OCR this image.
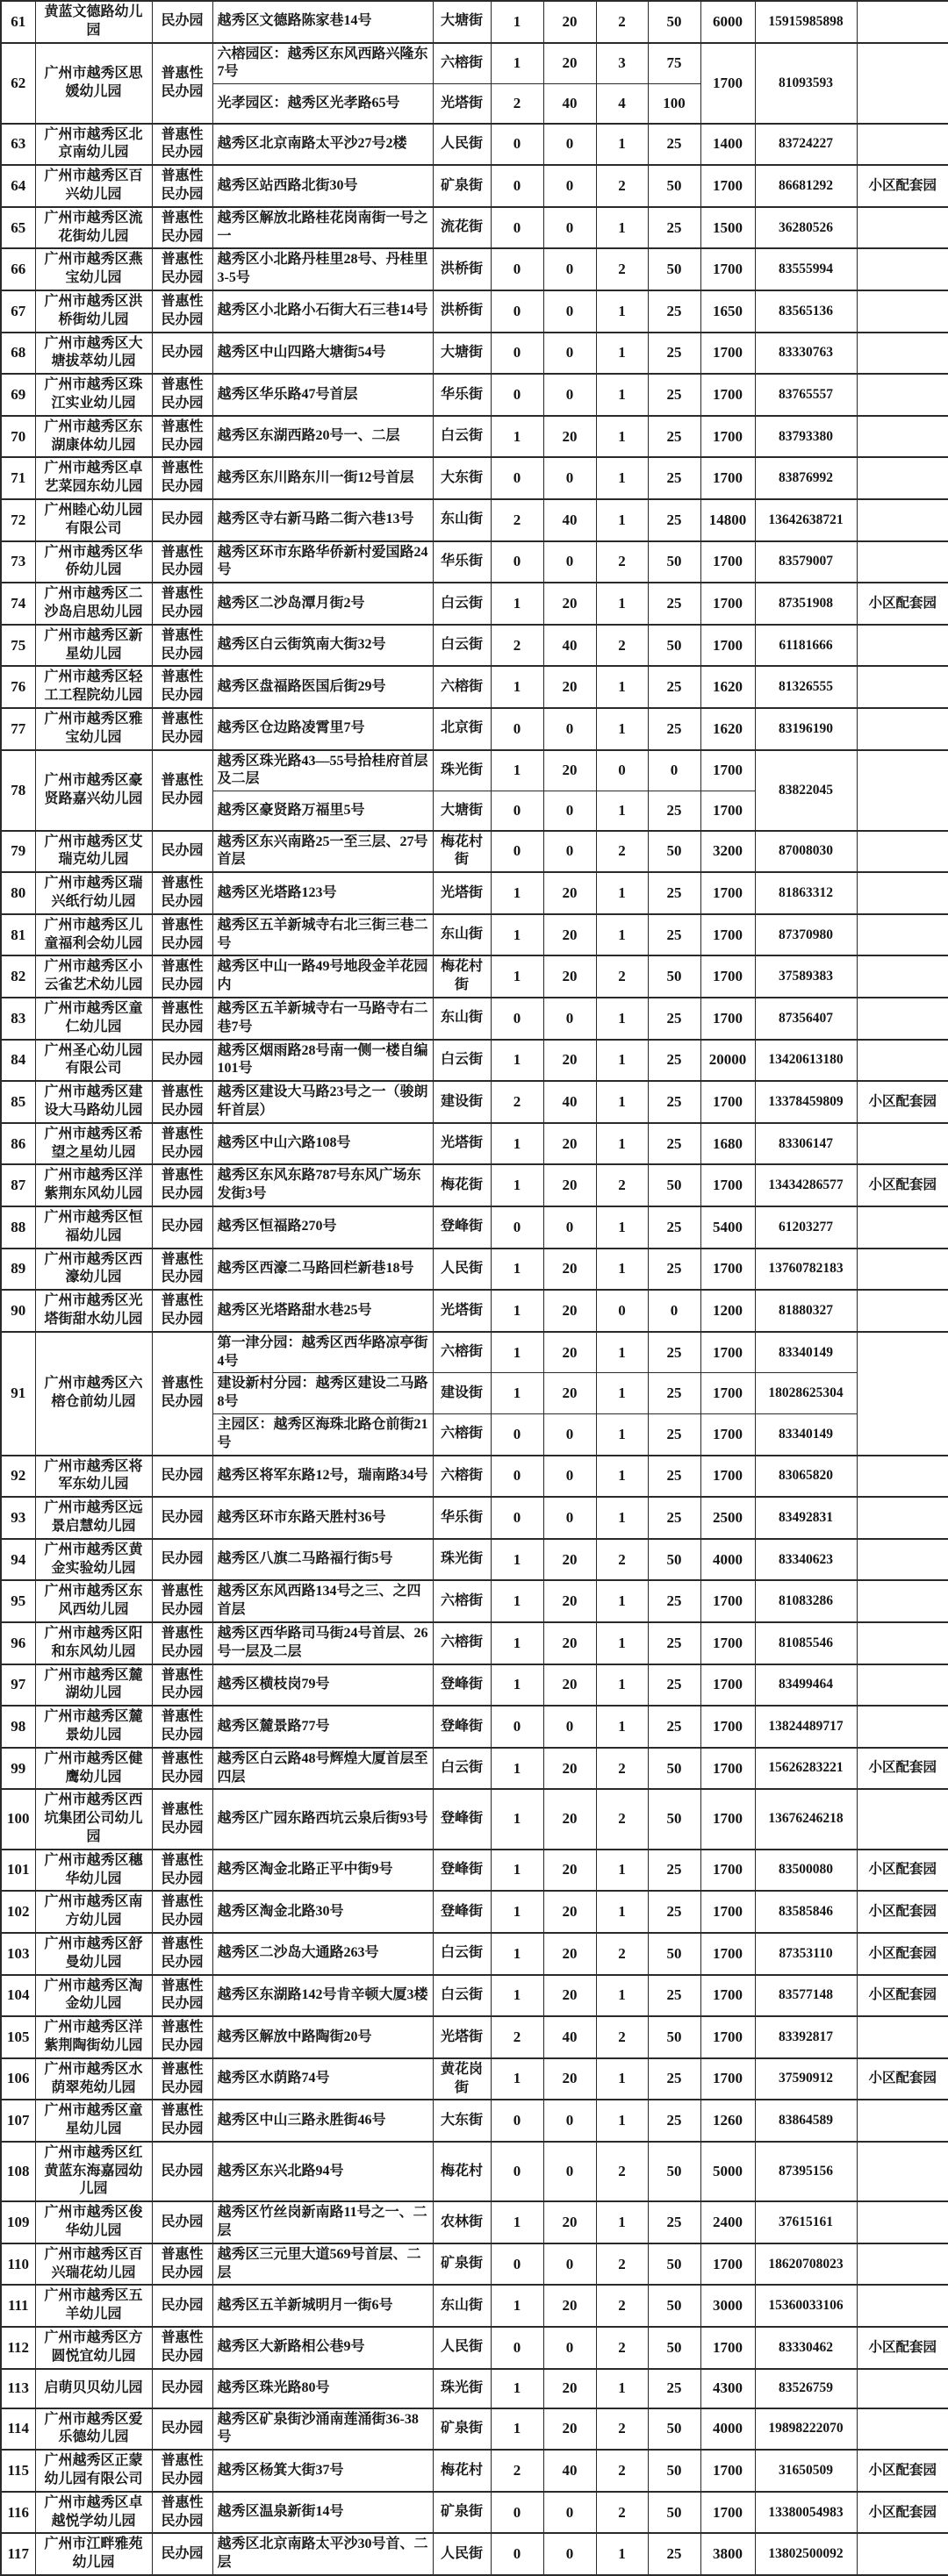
61	黄蓝文德路幼儿园	民办园	越秀区文德路陈家巷14号	大塘街	1	20	2	50	6000	15915985898	
62	广州市越秀区思媛幼儿园	普惠性民办园	六榕园区：越秀区东风西路兴隆东7号	六榕街	1	20	3	75	1700	81093593	
			光孝园区：越秀区光孝路65号	光塔街	2	40	4	100			
63	广州市越秀区北京南幼儿园	普惠性民办园	越秀区北京南路太平沙27号2楼	人民街	0	0	1	25	1400	83724227	
64	广州市越秀区百兴幼儿园	普惠性民办园	越秀区站西路北街30号	矿泉街	0	0	2	50	1700	86681292	小区配套园
65	广州市越秀区流花街幼儿园	普惠性民办园	越秀区解放北路桂花岗南街一号之一	流花街	0	0	1	25	1500	36280526	
66	广州市越秀区燕宝幼儿园	普惠性民办园	越秀区小北路丹桂里28号、丹桂里3-5号	洪桥街	0	0	2	50	1700	83555994	
67	广州市越秀区洪桥街幼儿园	普惠性民办园	越秀区小北路小石街大石三巷14号	洪桥街	0	0	1	25	1650	83565136	
68	广州市越秀区大塘拔萃幼儿园	民办园	越秀区中山四路大塘街54号	大塘街	0	0	1	25	1700	83330763	
69	广州市越秀区珠江实业幼儿园	普惠性民办园	越秀区华乐路47号首层	华乐街	0	0	1	25	1700	83765557	
70	广州市越秀区东湖康体幼儿园	普惠性民办园	越秀区东湖西路20号一、二层	白云街	1	20	1	25	1700	83793380	
71	广州市越秀区卓艺菜园东幼儿园	普惠性民办园	越秀区东川路东川一街12号首层	大东街	0	0	1	25	1700	83876992	
72	广州睦心幼儿园有限公司	民办园	越秀区寺右新马路二街六巷13号	东山街	2	40	1	25	14800	13642638721	
73	广州市越秀区华侨幼儿园	普惠性民办园	越秀区环市东路华侨新村爱国路24号	华乐街	0	0	2	50	1700	83579007	
74	广州市越秀区二沙岛启思幼儿园	普惠性民办园	越秀区二沙岛潭月街2号	白云街	1	20	1	25	1700	87351908	小区配套园
75	广州市越秀区新星幼儿园	普惠性民办园	越秀区白云街筑南大街32号	白云街	2	40	2	50	1700	61181666	
76	广州市越秀区轻工工程院幼儿园	普惠性民办园	越秀区盘福路医国后街29号	六榕街	1	20	1	25	1620	81326555	
77	广州市越秀区雅宝幼儿园	普惠性民办园	越秀区仓边路凌霄里7号	北京街	0	0	1	25	1620	83196190	
78	广州市越秀区豪贤路嘉兴幼儿园	普惠性民办园	越秀区珠光路43—55号拾桂府首层及二层	珠光街	1	20	0	0	1700	83822045	
			越秀区豪贤路万福里5号	大塘街	0	0	1	25	1700		
79	广州市越秀区艾瑞克幼儿园	民办园	越秀区东兴南路25一至三层、27号首层	梅花村街	0	0	2	50	3200	87008030	
80	广州市越秀区瑞兴纸行幼儿园	普惠性民办园	越秀区光塔路123号	光塔街	1	20	1	25	1700	81863312	
81	广州市越秀区儿童福利会幼儿园	普惠性民办园	越秀区五羊新城寺右北三街三巷二号	东山街	1	20	1	25	1700	87370980	
82	广州市越秀区小云雀艺术幼儿园	普惠性民办园	越秀区中山一路49号地段金羊花园内	梅花村街	1	20	2	50	1700	37589383	
83	广州市越秀区童仁幼儿园	普惠性民办园	越秀区五羊新城寺右一马路寺右二巷7号	东山街	0	0	1	25	1700	87356407	
84	广州圣心幼儿园有限公司	民办园	越秀区烟雨路28号南一侧一楼自编101号	白云街	1	20	1	25	20000	13420613180	
85	广州市越秀区建设大马路幼儿园	普惠性民办园	越秀区建设大马路23号之一（骏朗轩首层）	建设街	2	40	1	25	1700	13378459809	小区配套园
86	广州市越秀区希望之星幼儿园	普惠性民办园	越秀区中山六路108号	光塔街	1	20	1	25	1680	83306147	
87	广州市越秀区洋紫荆东风幼儿园	普惠性民办园	越秀区东风东路787号东风广场东发街3号	梅花街	1	20	2	50	1700	13434286577	小区配套园
88	广州市越秀区恒福幼儿园	民办园	越秀区恒福路270号	登峰街	0	0	1	25	5400	61203277	
89	广州市越秀区西濠幼儿园	普惠性民办园	越秀区西濠二马路回栏新巷18号	人民街	1	20	1	25	1700	13760782183	
90	广州市越秀区光塔街甜水幼儿园	普惠性民办园	越秀区光塔路甜水巷25号	光塔街	1	20	0	0	1200	81880327	
91	广州市越秀区六榕仓前幼儿园	普惠性民办园	第一津分园：越秀区西华路凉亭街4号	六榕街	1	20	1	25	1700	83340149	
			建设新村分园：越秀区建设二马路8号	建设街	1	20	1	25	1700	18028625304	
			主园区：越秀区海珠北路仓前街21号	六榕街	0	0	1	25	1700	83340149	
92	广州市越秀区将军东幼儿园	民办园	越秀区将军东路12号，瑞南路34号	六榕街	0	0	1	25	1700	83065820	
93	广州市越秀区远景启慧幼儿园	民办园	越秀区环市东路天胜村36号	华乐街	0	0	1	25	2500	83492831	
94	广州市越秀区黄金实验幼儿园	民办园	越秀区八旗二马路福行街5号	珠光街	1	20	2	50	4000	83340623	
95	广州市越秀区东风西幼儿园	普惠性民办园	越秀区东风西路134号之三、之四首层	六榕街	1	20	1	25	1700	81083286	
96	广州市越秀区阳和东风幼儿园	普惠性民办园	越秀区西华路司马街24号首层、26号一层及二层	六榕街	1	20	1	25	1700	81085546	
97	广州市越秀区麓湖幼儿园	普惠性民办园	越秀区横枝岗79号	登峰街	1	20	1	25	1700	83499464	
98	广州市越秀区麓景幼儿园	普惠性民办园	越秀区麓景路77号	登峰街	0	0	1	25	1700	13824489717	
99	广州市越秀区健鹰幼儿园	普惠性民办园	越秀区白云路48号辉煌大厦首层至四层	白云街	1	20	2	50	1700	15626283221	小区配套园
100	广州市越秀区西坑集团公司幼儿园	普惠性民办园	越秀区广园东路西坑云泉后街93号	登峰街	1	20	2	50	1700	13676246218	
101	广州市越秀区穗华幼儿园	普惠性民办园	越秀区淘金北路正平中街9号	登峰街	1	20	1	25	1700	83500080	小区配套园
102	广州市越秀区南方幼儿园	普惠性民办园	越秀区淘金北路30号	登峰街	1	20	1	25	1700	83585846	小区配套园
103	广州市越秀区舒曼幼儿园	普惠性民办园	越秀区二沙岛大通路263号	白云街	1	20	2	50	1700	87353110	小区配套园
104	广州市越秀区淘金幼儿园	普惠性民办园	越秀区东湖路142号肯辛顿大厦3楼	白云街	1	20	1	25	1700	83577148	小区配套园
105	广州市越秀区洋紫荆陶街幼儿园	普惠性民办园	越秀区解放中路陶街20号	光塔街	2	40	2	50	1700	83392817	
106	广州市越秀区水荫翠苑幼儿园	普惠性民办园	越秀区水荫路74号	黄花岗街	1	20	1	25	1700	37590912	小区配套园
107	广州市越秀区童星幼儿园	普惠性民办园	越秀区中山三路永胜街46号	大东街	0	0	1	25	1260	83864589	
108	广州市越秀区红黄蓝东海嘉园幼儿园	民办园	越秀区东兴北路94号	梅花村	0	0	2	50	5000	87395156	
109	广州市越秀区俊华幼儿园	民办园	越秀区竹丝岗新南路11号之一、二层	农林街	1	20	1	25	2400	37615161	
110	广州市越秀区百兴瑞花幼儿园	普惠性民办园	越秀区三元里大道569号首层、二层	矿泉街	0	0	2	50	1700	18620708023	
111	广州市越秀区五羊幼儿园	民办园	越秀区五羊新城明月一街6号	东山街	1	20	2	50	3000	15360033106	
112	广州市越秀区方圆悦宜幼儿园	普惠性民办园	越秀区大新路相公巷9号	人民街	0	0	2	50	1700	83330462	小区配套园
113	启萌贝贝幼儿园	民办园	越秀区珠光路80号	珠光街	1	20	1	25	4300	83526759	
114	广州市越秀区爱乐德幼儿园	民办园	越秀区矿泉街沙涌南莲涌街36-38号	矿泉街	1	20	2	50	4000	19898222070	
115	广州越秀区正蒙幼儿园有限公司	普惠性民办园	越秀区杨箕大街37号	梅花村	2	40	2	50	1700	31650509	小区配套园
116	广州市越秀区卓越悦学幼儿园	普惠性民办园	越秀区温泉新街14号	矿泉街	0	0	2	50	1700	13380054983	小区配套园
117	广州市江畔雅苑幼儿园	民办园	越秀区北京南路太平沙30号首、二层	人民街	0	0	1	25	3800	13802500092	
